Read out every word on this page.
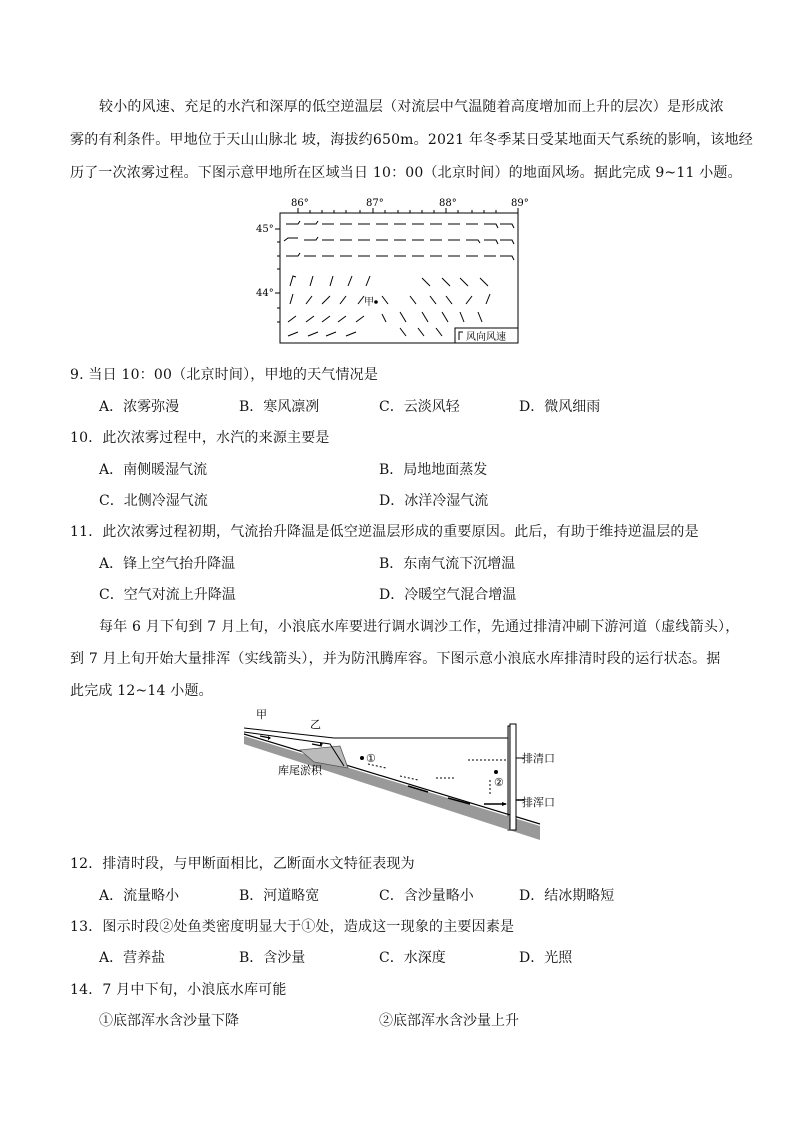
较小的风速、充足的水汽和深厚的低空逆温层（对流层中气温随着高度增加而上升的层次）是形成浓
雾的有利条件。甲地位于天山山脉北 坡，海拔约650m。2021 年冬季某日受某地面天气系统的影响，该地经
历了一次浓雾过程。下图示意甲地所在区域当日 10：00（北京时间）的地面风场。据此完成 9~11 小题。
86°	87°	88°	89°
45°
44°
甲
风向风速
9. 当日 10：00（北京时间），甲地的天气情况是
A．浓雾弥漫	B．寒风凛冽	C．云淡风轻	D．微风细雨
10．此次浓雾过程中，水汽的来源主要是
A．南侧暖湿气流	B．局地地面蒸发
C．北侧冷湿气流	D．冰洋冷湿气流
11．此次浓雾过程初期，气流抬升降温是低空逆温层形成的重要原因。此后，有助于维持逆温层的是
A．锋上空气抬升降温	B．东南气流下沉增温
C．空气对流上升降温	D．冷暖空气混合增温
每年 6 月下旬到 7 月上旬，小浪底水库要进行调水调沙工作，先通过排清冲刷下游河道（虚线箭头），
到 7 月上旬开始大量排浑（实线箭头），并为防汛腾库容。下图示意小浪底水库排清时段的运行状态。据
此完成 12~14 小题。
甲
乙
库尾淤积
①
②
排清口
排浑口
12．排清时段，与甲断面相比，乙断面水文特征表现为
A．流量略小	B．河道略宽	C．含沙量略小	D．结冰期略短
13．图示时段②处鱼类密度明显大于①处，造成这一现象的主要因素是
A．营养盐	B．含沙量	C．水深度	D．光照
14．7 月中下旬，小浪底水库可能
①底部浑水含沙量下降	②底部浑水含沙量上升
